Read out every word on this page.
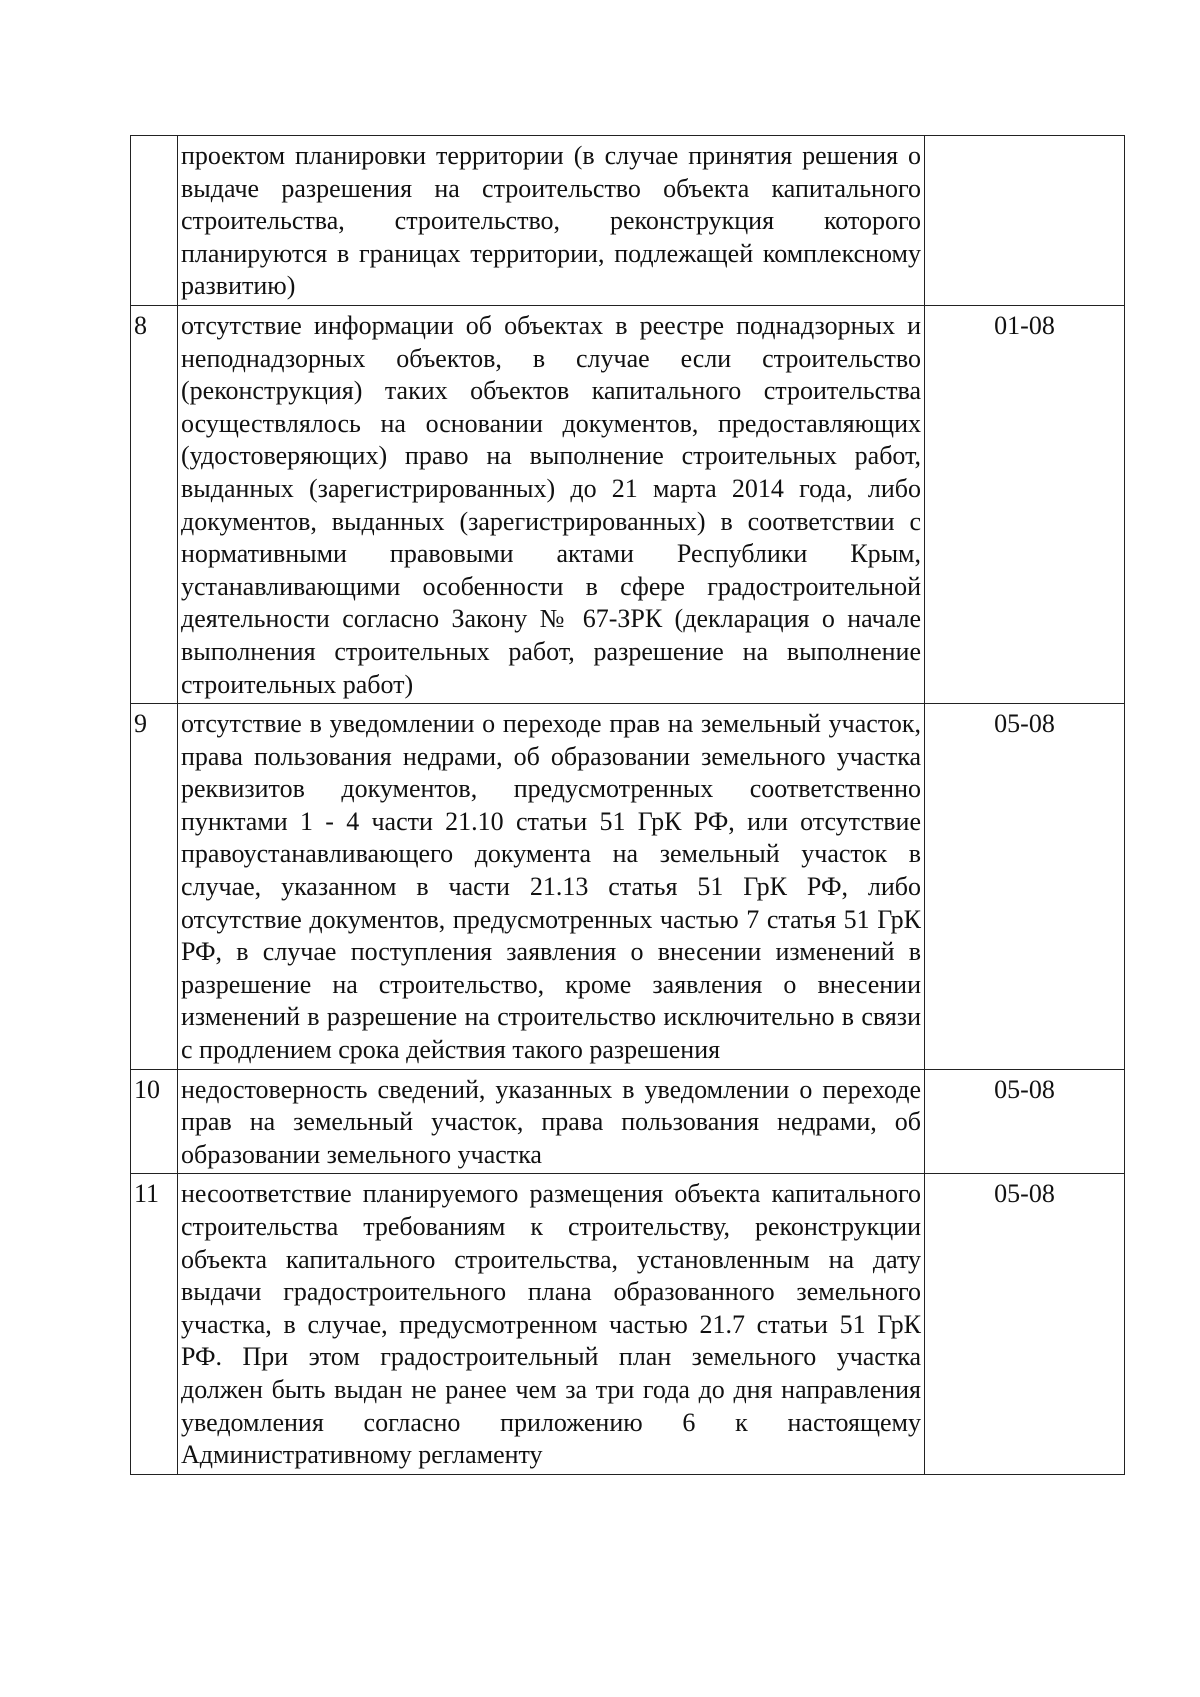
	проектом планировки территории (в случае принятия решения о выдаче разрешения на строительство объекта капитального строительства, строительство, реконструкция которого планируются в границах территории, подлежащей комплексному развитию)	
8	отсутствие информации об объектах в реестре поднадзорных и неподнадзорных объектов, в случае если строительство (реконструкция) таких объектов капитального строительства осуществлялось на основании документов, предоставляющих (удостоверяющих) право на выполнение строительных работ, выданных (зарегистрированных) до 21 марта 2014 года, либо документов, выданных (зарегистрированных) в соответствии с нормативными правовыми актами Республики Крым, устанавливающими особенности в сфере градостроительной деятельности согласно Закону № 67-ЗРК (декларация о начале выполнения строительных работ, разрешение на выполнение строительных работ)	01-08
9	отсутствие в уведомлении о переходе прав на земельный участок, права пользования недрами, об образовании земельного участка реквизитов документов, предусмотренных соответственно пунктами 1 - 4 части 21.10 статьи 51 ГрК РФ, или отсутствие правоустанавливающего документа на земельный участок в случае, указанном в части 21.13 статья 51 ГрК РФ, либо отсутствие документов, предусмотренных частью 7 статья 51 ГрК РФ, в случае поступления заявления о внесении изменений в разрешение на строительство, кроме заявления о внесении изменений в разрешение на строительство исключительно в связи с продлением срока действия такого разрешения	05-08
10	недостоверность сведений, указанных в уведомлении о переходе прав на земельный участок, права пользования недрами, об образовании земельного участка	05-08
11	несоответствие планируемого размещения объекта капитального строительства требованиям к строительству, реконструкции объекта капитального строительства, установленным на дату выдачи градостроительного плана образованного земельного участка, в случае, предусмотренном частью 21.7 статьи 51 ГрК РФ. При этом градостроительный план земельного участка должен быть выдан не ранее чем за три года до дня направления уведомления согласно приложению 6 к настоящему Административному регламенту	05-08
